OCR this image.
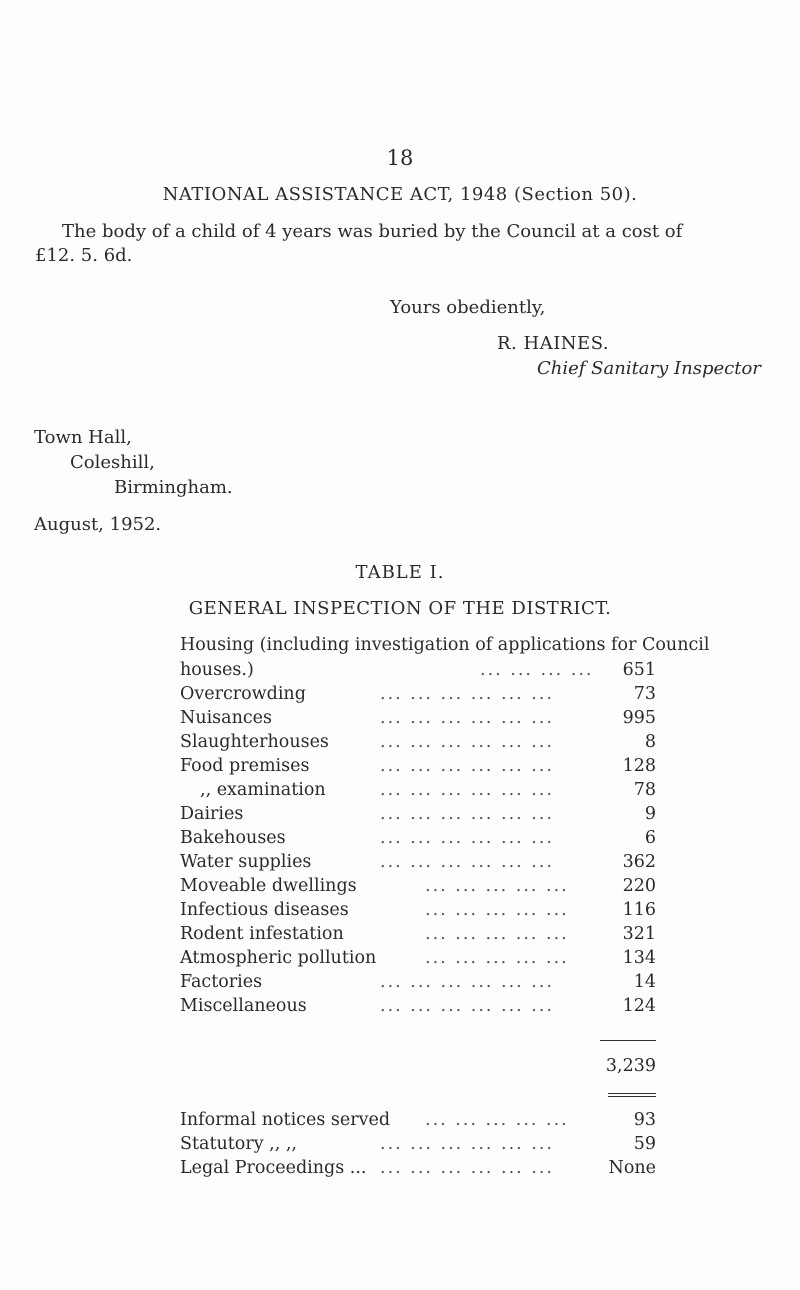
18
NATIONAL ASSISTANCE ACT, 1948 (Section 50).
The body of a child of 4 years was buried by the Council at a cost of
£12. 5. 6d.
Yours obediently,
R. HAINES.
Chief Sanitary Inspector
Town Hall,
Coleshill,
Birmingham.
August, 1952.
TABLE I.
GENERAL INSPECTION OF THE DISTRICT.
Housing (including investigation of applications for Council
houses.)	... ... ... ... 651
Overcrowding	... ... ... ... ... ...	73
Nuisances	... ... ... ... ... ...	995
Slaughterhouses	... ... ... ... ... ...	8
Food premises	... ... ... ... ... ...	128
,, examination	... ... ... ... ... ...	78
Dairies	... ... ... ... ... ...	9
Bakehouses	... ... ... ... ... ...	6
Water supplies	... ... ... ... ... ...	362
Moveable dwellings	... ... ... ... ...	220
Infectious diseases	... ... ... ... ...	116
Rodent infestation	... ... ... ... ...	321
Atmospheric pollution	... ... ... ... ...	134
Factories	... ... ... ... ... ...	14
Miscellaneous	... ... ... ... ... ...	124
3,239
Informal notices served ... ... ... ... ...	93
Statutory ,, ,,	... ... ... ... ... ...	59
Legal Proceedings ... ... ... ... ... ... ...	None
